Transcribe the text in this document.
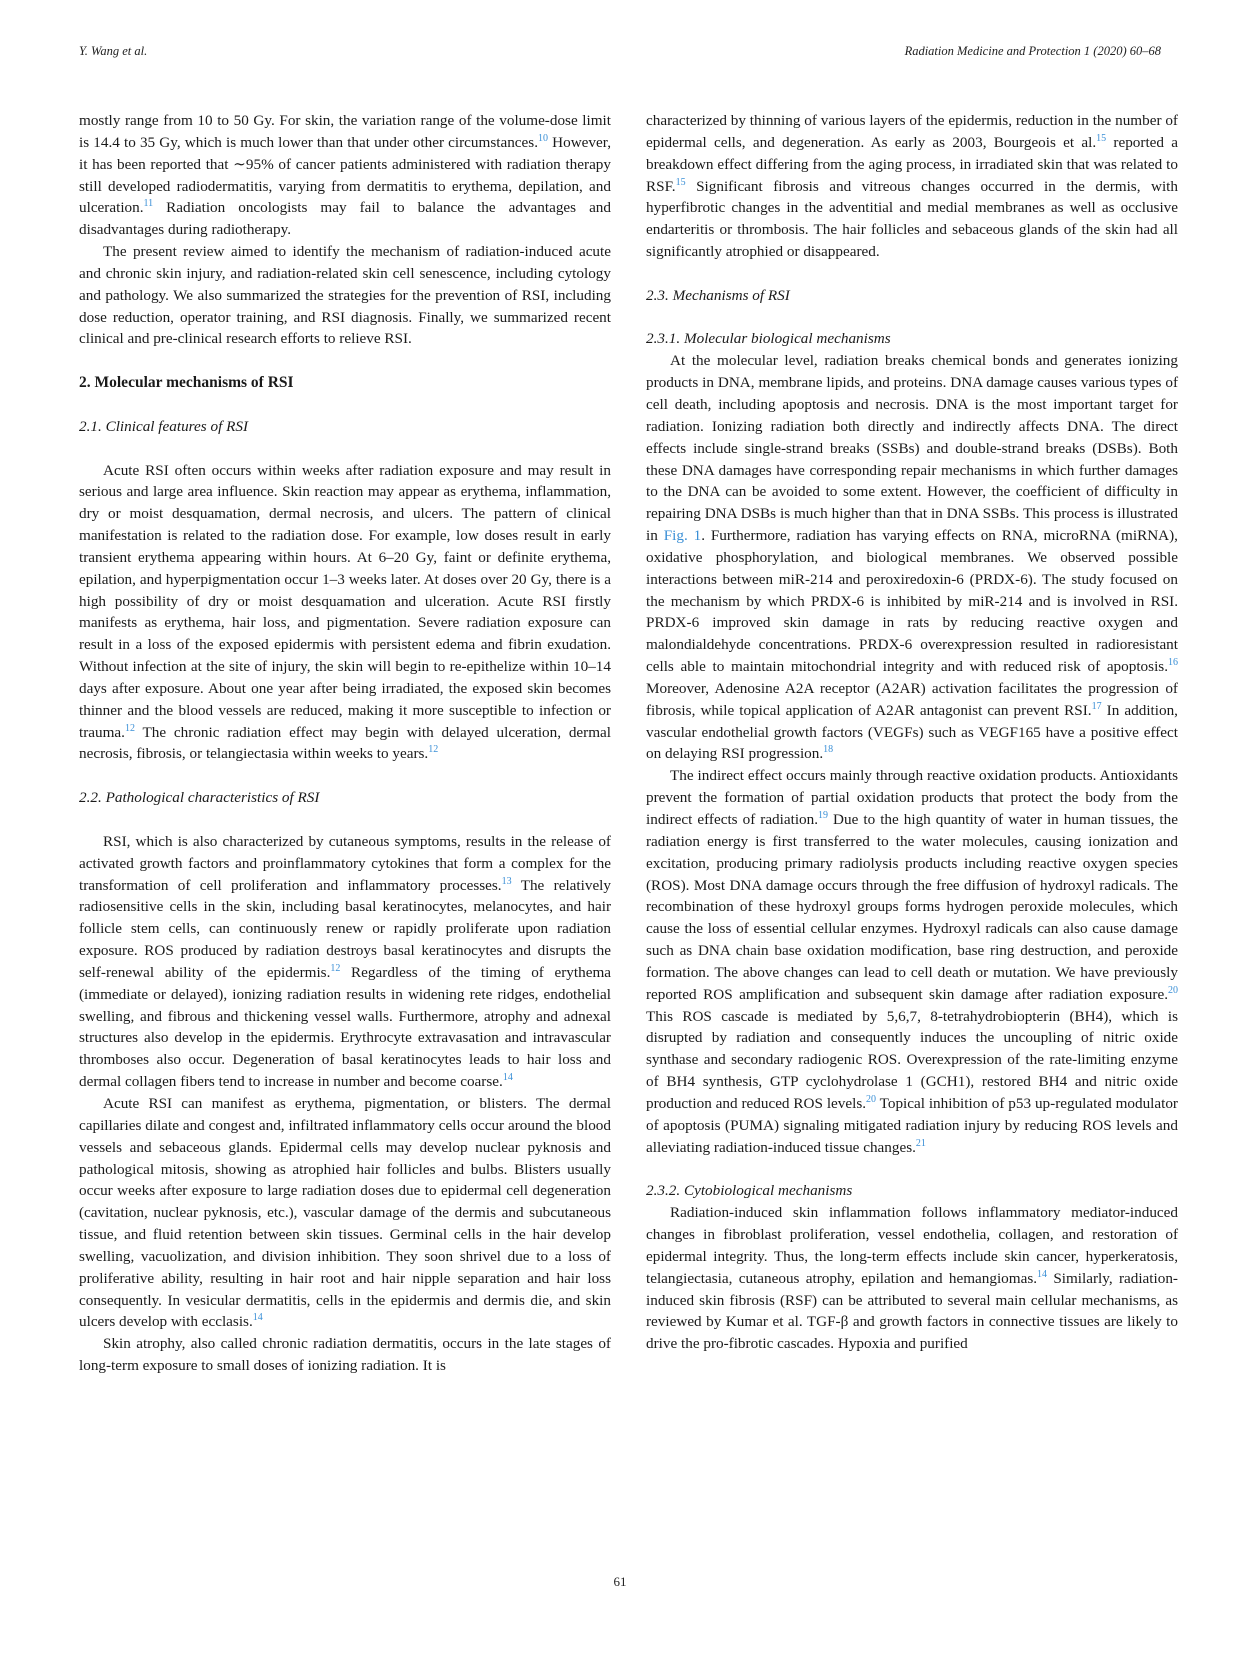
Y. Wang et al.	Radiation Medicine and Protection 1 (2020) 60–68

mostly range from 10 to 50 Gy. For skin, the variation range of the volume-dose limit is 14.4 to 35 Gy, which is much lower than that under other circumstances.$^{10}$ However, it has been reported that ∼95% of cancer patients administered with radiation therapy still developed radiodermatitis, varying from dermatitis to erythema, depilation, and ulceration.$^{11}$ Radiation oncologists may fail to balance the advantages and disadvantages during radiotherapy.

The present review aimed to identify the mechanism of radiation-induced acute and chronic skin injury, and radiation-related skin cell senescence, including cytology and pathology. We also summarized the strategies for the prevention of RSI, including dose reduction, operator training, and RSI diagnosis. Finally, we summarized recent clinical and pre-clinical research efforts to relieve RSI.

2. Molecular mechanisms of RSI
2.1. Clinical features of RSI

Acute RSI often occurs within weeks after radiation exposure and may result in serious and large area influence. Skin reaction may appear as erythema, inflammation, dry or moist desquamation, dermal necrosis, and ulcers. The pattern of clinical manifestation is related to the radiation dose. For example, low doses result in early transient erythema appearing within hours. At 6–20 Gy, faint or definite erythema, epilation, and hyperpigmentation occur 1–3 weeks later. At doses over 20 Gy, there is a high possibility of dry or moist desquamation and ulceration. Acute RSI firstly manifests as erythema, hair loss, and pigmentation. Severe radiation exposure can result in a loss of the exposed epidermis with persistent edema and fibrin exudation. Without infection at the site of injury, the skin will begin to re-epithelize within 10–14 days after exposure. About one year after being irradiated, the exposed skin becomes thinner and the blood vessels are reduced, making it more susceptible to infection or trauma.$^{12}$ The chronic radiation effect may begin with delayed ulceration, dermal necrosis, fibrosis, or telangiectasia within weeks to years.$^{12}$

2.2. Pathological characteristics of RSI

RSI, which is also characterized by cutaneous symptoms, results in the release of activated growth factors and proinflammatory cytokines that form a complex for the transformation of cell proliferation and inflammatory processes.$^{13}$ The relatively radiosensitive cells in the skin, including basal keratinocytes, melanocytes, and hair follicle stem cells, can continuously renew or rapidly proliferate upon radiation exposure. ROS produced by radiation destroys basal keratinocytes and disrupts the self-renewal ability of the epidermis.$^{12}$ Regardless of the timing of erythema (immediate or delayed), ionizing radiation results in widening rete ridges, endothelial swelling, and fibrous and thickening vessel walls. Furthermore, atrophy and adnexal structures also develop in the epidermis. Erythrocyte extravasation and intravascular thromboses also occur. Degeneration of basal keratinocytes leads to hair loss and dermal collagen fibers tend to increase in number and become coarse.$^{14}$

Acute RSI can manifest as erythema, pigmentation, or blisters. The dermal capillaries dilate and congest and, infiltrated inflammatory cells occur around the blood vessels and sebaceous glands. Epidermal cells may develop nuclear pyknosis and pathological mitosis, showing as atrophied hair follicles and bulbs. Blisters usually occur weeks after exposure to large radiation doses due to epidermal cell degeneration (cavitation, nuclear pyknosis, etc.), vascular damage of the dermis and subcutaneous tissue, and fluid retention between skin tissues. Germinal cells in the hair develop swelling, vacuolization, and division inhibition. They soon shrivel due to a loss of proliferative ability, resulting in hair root and hair nipple separation and hair loss consequently. In vesicular dermatitis, cells in the epidermis and dermis die, and skin ulcers develop with ecclasis.$^{14}$

Skin atrophy, also called chronic radiation dermatitis, occurs in the late stages of long-term exposure to small doses of ionizing radiation. It is

characterized by thinning of various layers of the epidermis, reduction in the number of epidermal cells, and degeneration. As early as 2003, Bourgeois et al.$^{15}$ reported a breakdown effect differing from the aging process, in irradiated skin that was related to RSF.$^{15}$ Significant fibrosis and vitreous changes occurred in the dermis, with hyperfibrotic changes in the adventitial and medial membranes as well as occlusive endarteritis or thrombosis. The hair follicles and sebaceous glands of the skin had all significantly atrophied or disappeared.

2.3. Mechanisms of RSI
2.3.1. Molecular biological mechanisms

At the molecular level, radiation breaks chemical bonds and generates ionizing products in DNA, membrane lipids, and proteins. DNA damage causes various types of cell death, including apoptosis and necrosis. DNA is the most important target for radiation. Ionizing radiation both directly and indirectly affects DNA. The direct effects include single-strand breaks (SSBs) and double-strand breaks (DSBs). Both these DNA damages have corresponding repair mechanisms in which further damages to the DNA can be avoided to some extent. However, the coefficient of difficulty in repairing DNA DSBs is much higher than that in DNA SSBs. This process is illustrated in Fig. 1. Furthermore, radiation has varying effects on RNA, microRNA (miRNA), oxidative phosphorylation, and biological membranes. We observed possible interactions between miR-214 and peroxiredoxin-6 (PRDX-6). The study focused on the mechanism by which PRDX-6 is inhibited by miR-214 and is involved in RSI. PRDX-6 improved skin damage in rats by reducing reactive oxygen and malondialdehyde concentrations. PRDX-6 overexpression resulted in radioresistant cells able to maintain mitochondrial integrity and with reduced risk of apoptosis.$^{16}$ Moreover, Adenosine A2A receptor (A2AR) activation facilitates the progression of fibrosis, while topical application of A2AR antagonist can prevent RSI.$^{17}$ In addition, vascular endothelial growth factors (VEGFs) such as VEGF165 have a positive effect on delaying RSI progression.$^{18}$

The indirect effect occurs mainly through reactive oxidation products. Antioxidants prevent the formation of partial oxidation products that protect the body from the indirect effects of radiation.$^{19}$ Due to the high quantity of water in human tissues, the radiation energy is first transferred to the water molecules, causing ionization and excitation, producing primary radiolysis products including reactive oxygen species (ROS). Most DNA damage occurs through the free diffusion of hydroxyl radicals. The recombination of these hydroxyl groups forms hydrogen peroxide molecules, which cause the loss of essential cellular enzymes. Hydroxyl radicals can also cause damage such as DNA chain base oxidation modification, base ring destruction, and peroxide formation. The above changes can lead to cell death or mutation. We have previously reported ROS amplification and subsequent skin damage after radiation exposure.$^{20}$ This ROS cascade is mediated by 5,6,7, 8-tetrahydrobiopterin (BH4), which is disrupted by radiation and consequently induces the uncoupling of nitric oxide synthase and secondary radiogenic ROS. Overexpression of the rate-limiting enzyme of BH4 synthesis, GTP cyclohydrolase 1 (GCH1), restored BH4 and nitric oxide production and reduced ROS levels.$^{20}$ Topical inhibition of p53 up-regulated modulator of apoptosis (PUMA) signaling mitigated radiation injury by reducing ROS levels and alleviating radiation-induced tissue changes.$^{21}$

2.3.2. Cytobiological mechanisms

Radiation-induced skin inflammation follows inflammatory mediator-induced changes in fibroblast proliferation, vessel endothelia, collagen, and restoration of epidermal integrity. Thus, the long-term effects include skin cancer, hyperkeratosis, telangiectasia, cutaneous atrophy, epilation and hemangiomas.$^{14}$ Similarly, radiation-induced skin fibrosis (RSF) can be attributed to several main cellular mechanisms, as reviewed by Kumar et al. TGF-β and growth factors in connective tissues are likely to drive the pro-fibrotic cascades. Hypoxia and purified

61
